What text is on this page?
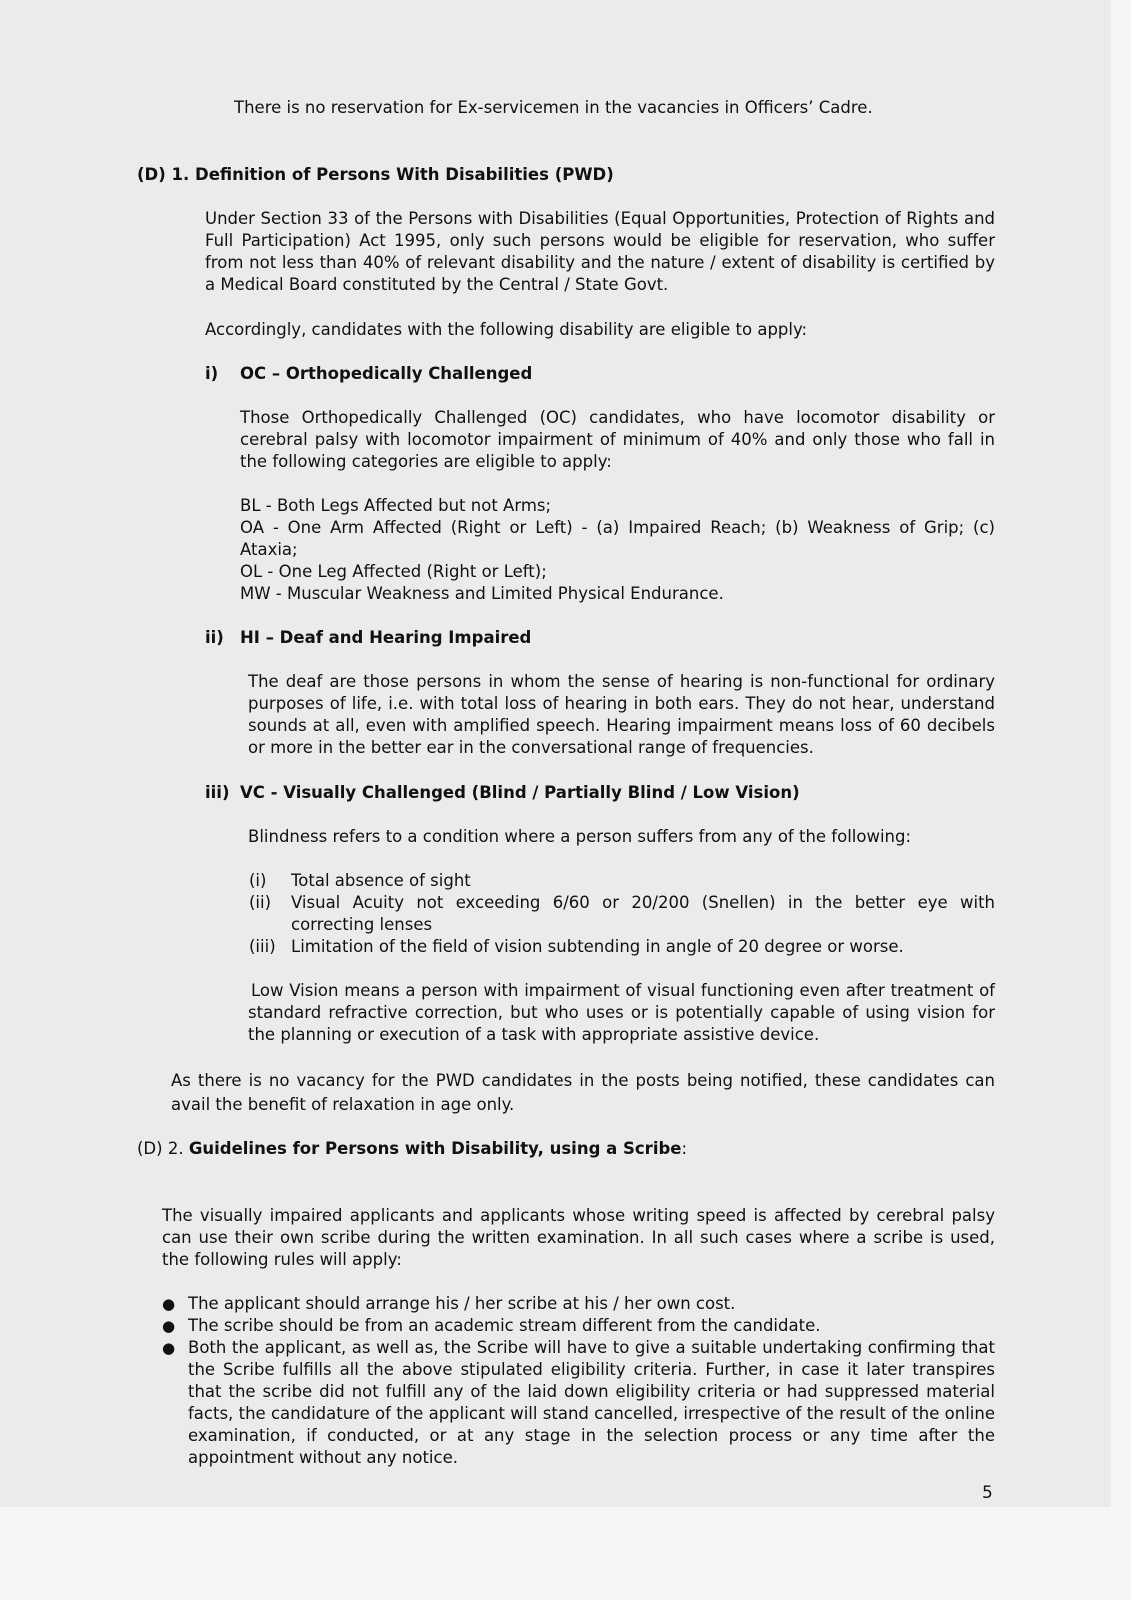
There is no reservation for Ex-servicemen in the vacancies in Officers’ Cadre.

(D) 1. Definition of Persons With Disabilities (PWD)

Under Section 33 of the Persons with Disabilities (Equal Opportunities, Protection of Rights and Full Participation) Act 1995, only such persons would be eligible for reservation, who suffer from not less than 40% of relevant disability and the nature / extent of disability is certified by a Medical Board constituted by the Central / State Govt.

Accordingly, candidates with the following disability are eligible to apply:

i) OC – Orthopedically Challenged

Those Orthopedically Challenged (OC) candidates, who have locomotor disability or cerebral palsy with locomotor impairment of minimum of 40% and only those who fall in the following categories are eligible to apply:

BL - Both Legs Affected but not Arms;

OA - One Arm Affected (Right or Left) - (a) Impaired Reach; (b) Weakness of Grip; (c) Ataxia;

OL - One Leg Affected (Right or Left);

MW - Muscular Weakness and Limited Physical Endurance.

ii) HI – Deaf and Hearing Impaired

The deaf are those persons in whom the sense of hearing is non-functional for ordinary purposes of life, i.e. with total loss of hearing in both ears. They do not hear, understand sounds at all, even with amplified speech. Hearing impairment means loss of 60 decibels or more in the better ear in the conversational range of frequencies.

iii) VC - Visually Challenged (Blind / Partially Blind / Low Vision)

Blindness refers to a condition where a person suffers from any of the following:

(i) Total absence of sight
(ii) Visual Acuity not exceeding 6/60 or 20/200 (Snellen) in the better eye with correcting lenses

(iii) Limitation of the field of vision subtending in angle of 20 degree or worse.

Low Vision means a person with impairment of visual functioning even after treatment of standard refractive correction, but who uses or is potentially capable of using vision for the planning or execution of a task with appropriate assistive device.

As there is no vacancy for the PWD candidates in the posts being notified, these candidates can avail the benefit of relaxation in age only.

(D) 2. Guidelines for Persons with Disability, using a Scribe:

The visually impaired applicants and applicants whose writing speed is affected by cerebral palsy can use their own scribe during the written examination. In all such cases where a scribe is used, the following rules will apply:

● The applicant should arrange his / her scribe at his / her own cost.

● The scribe should be from an academic stream different from the candidate.

● Both the applicant, as well as, the Scribe will have to give a suitable undertaking confirming that the Scribe fulfills all the above stipulated eligibility criteria. Further, in case it later transpires that the scribe did not fulfill any of the laid down eligibility criteria or had suppressed material facts, the candidature of the applicant will stand cancelled, irrespective of the result of the online examination, if conducted, or at any stage in the selection process or any time after the appointment without any notice.

5
